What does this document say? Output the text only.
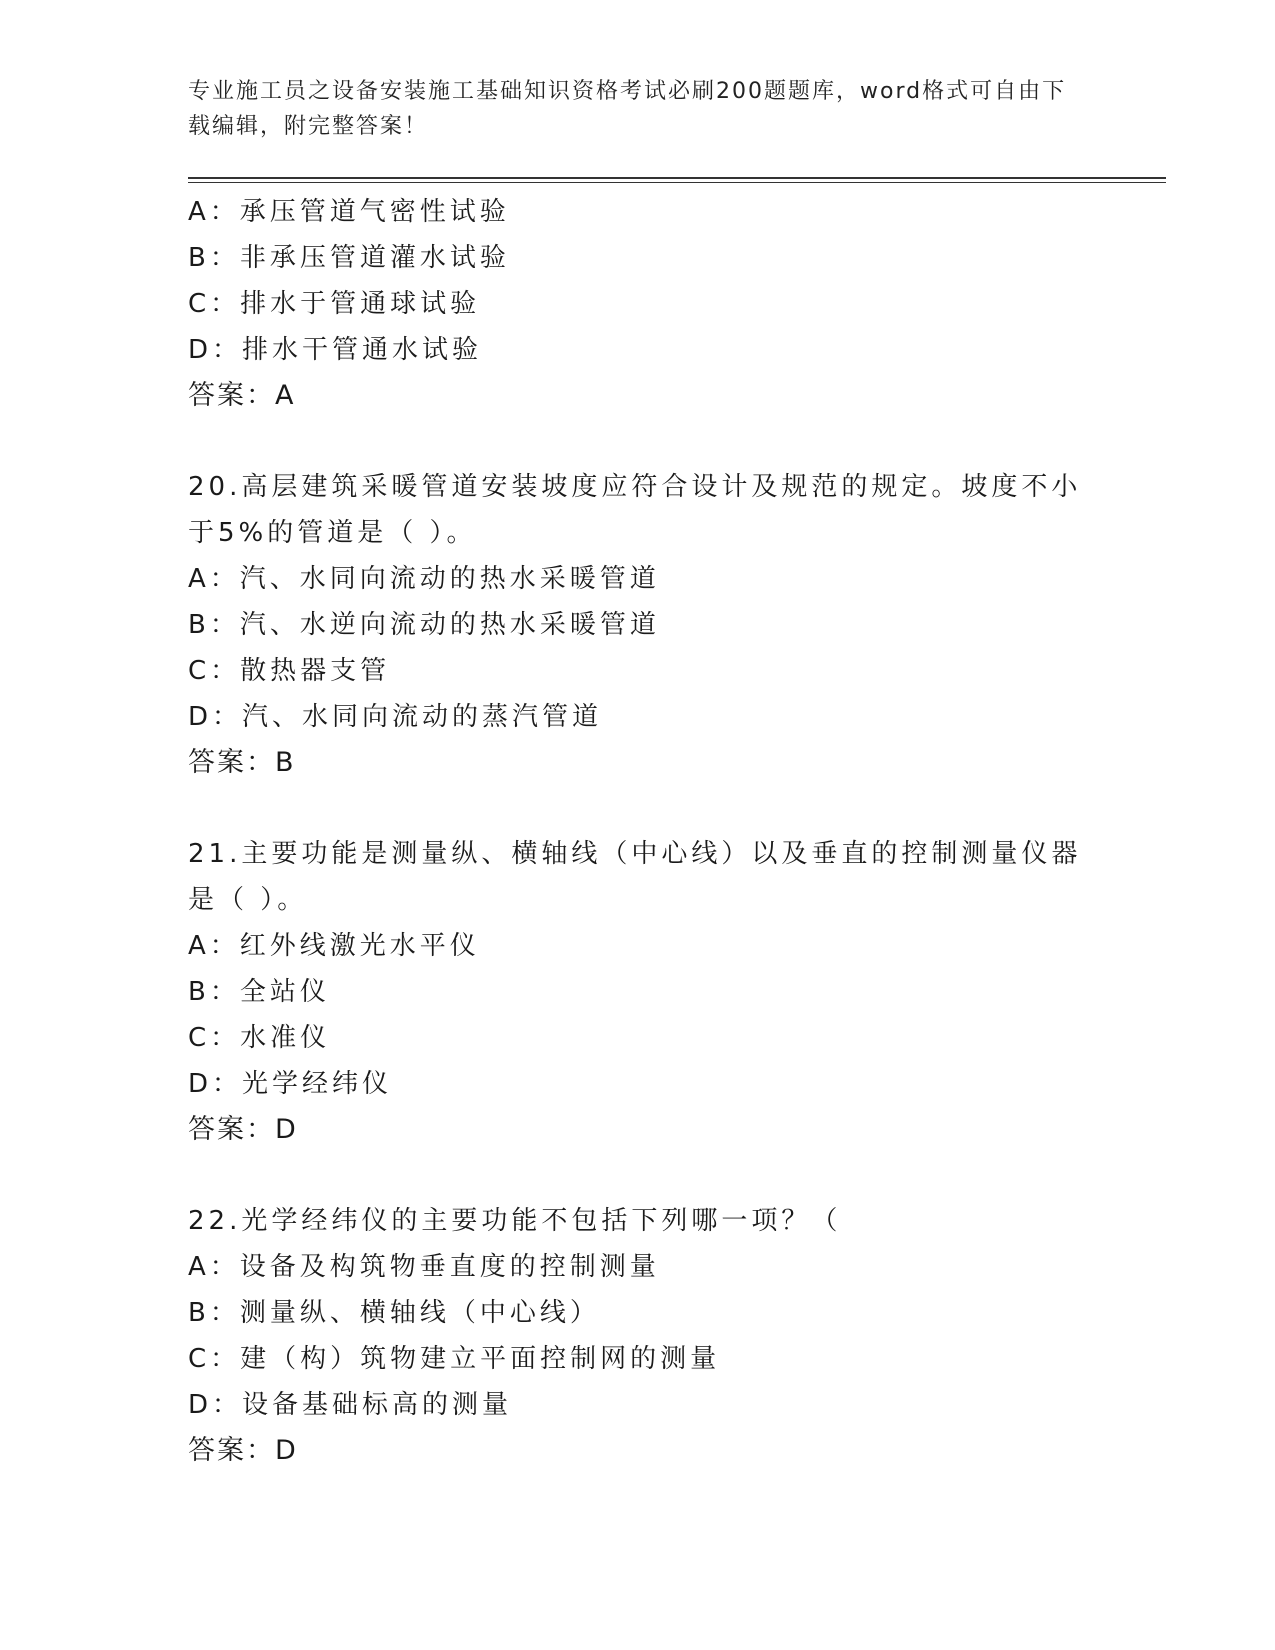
专业施工员之设备安装施工基础知识资格考试必刷200题题库，word格式可自由下载编辑，附完整答案！
A：承压管道气密性试验
B：非承压管道灌水试验
C：排水于管通球试验
D：排水干管通水试验
答案：A
20.高层建筑采暖管道安装坡度应符合设计及规范的规定。坡度不小于5%的管道是（ ）。
A：汽、水同向流动的热水采暖管道
B：汽、水逆向流动的热水采暖管道
C：散热器支管
D：汽、水同向流动的蒸汽管道
答案：B
21.主要功能是测量纵、横轴线（中心线）以及垂直的控制测量仪器是（ ）。
A：红外线激光水平仪
B：全站仪
C：水准仪
D：光学经纬仪
答案：D
22.光学经纬仪的主要功能不包括下列哪一项？（
A：设备及构筑物垂直度的控制测量
B：测量纵、横轴线（中心线）
C：建（构）筑物建立平面控制网的测量
D：设备基础标高的测量
答案：D
